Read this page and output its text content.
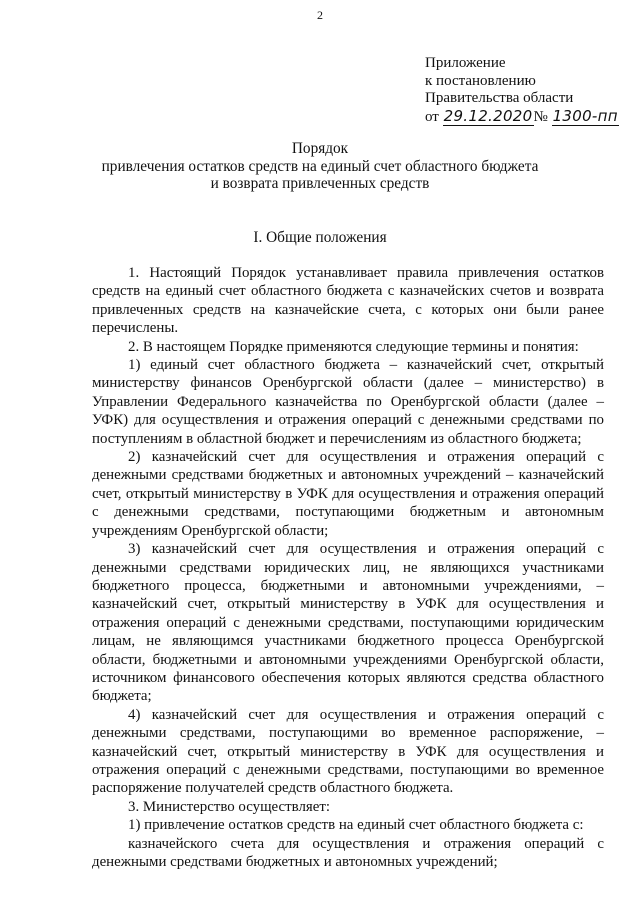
2
Приложение
к постановлению
Правительства области
от 29.12.2020№ 1300-пп
Порядок
привлечения остатков средств на единый счет областного бюджета
и возврата привлеченных средств
I. Общие положения

1. Настоящий Порядок устанавливает правила привлечения остатков средств на единый счет областного бюджета с казначейских счетов и возврата привлеченных средств на казначейские счета, с которых они были ранее перечислены.

2. В настоящем Порядке применяются следующие термины и понятия:

1) единый счет областного бюджета – казначейский счет, открытый министерству финансов Оренбургской области (далее – министерство) в Управлении Федерального казначейства по Оренбургской области (далее – УФК) для осуществления и отражения операций с денежными средствами по поступлениям в областной бюджет и перечислениям из областного бюджета;

2) казначейский счет для осуществления и отражения операций с денежными средствами бюджетных и автономных учреждений – казначейский счет, открытый министерству в УФК для осуществления и отражения операций с денежными средствами, поступающими бюджетным и автономным учреждениям Оренбургской области;

3) казначейский счет для осуществления и отражения операций с денежными средствами юридических лиц, не являющихся участниками бюджетного процесса, бюджетными и автономными учреждениями, – казначейский счет, открытый министерству в УФК для осуществления и отражения операций с денежными средствами, поступающими юридическим лицам, не являющимся участниками бюджетного процесса Оренбургской области, бюджетными и автономными учреждениями Оренбургской области, источником финансового обеспечения которых являются средства областного бюджета;

4) казначейский счет для осуществления и отражения операций с денежными средствами, поступающими во временное распоряжение, – казначейский счет, открытый министерству в УФК для осуществления и отражения операций с денежными средствами, поступающими во временное распоряжение получателей средств областного бюджета.

3. Министерство осуществляет:

1) привлечение остатков средств на единый счет областного бюджета с:

казначейского счета для осуществления и отражения операций с денежными средствами бюджетных и автономных учреждений;
